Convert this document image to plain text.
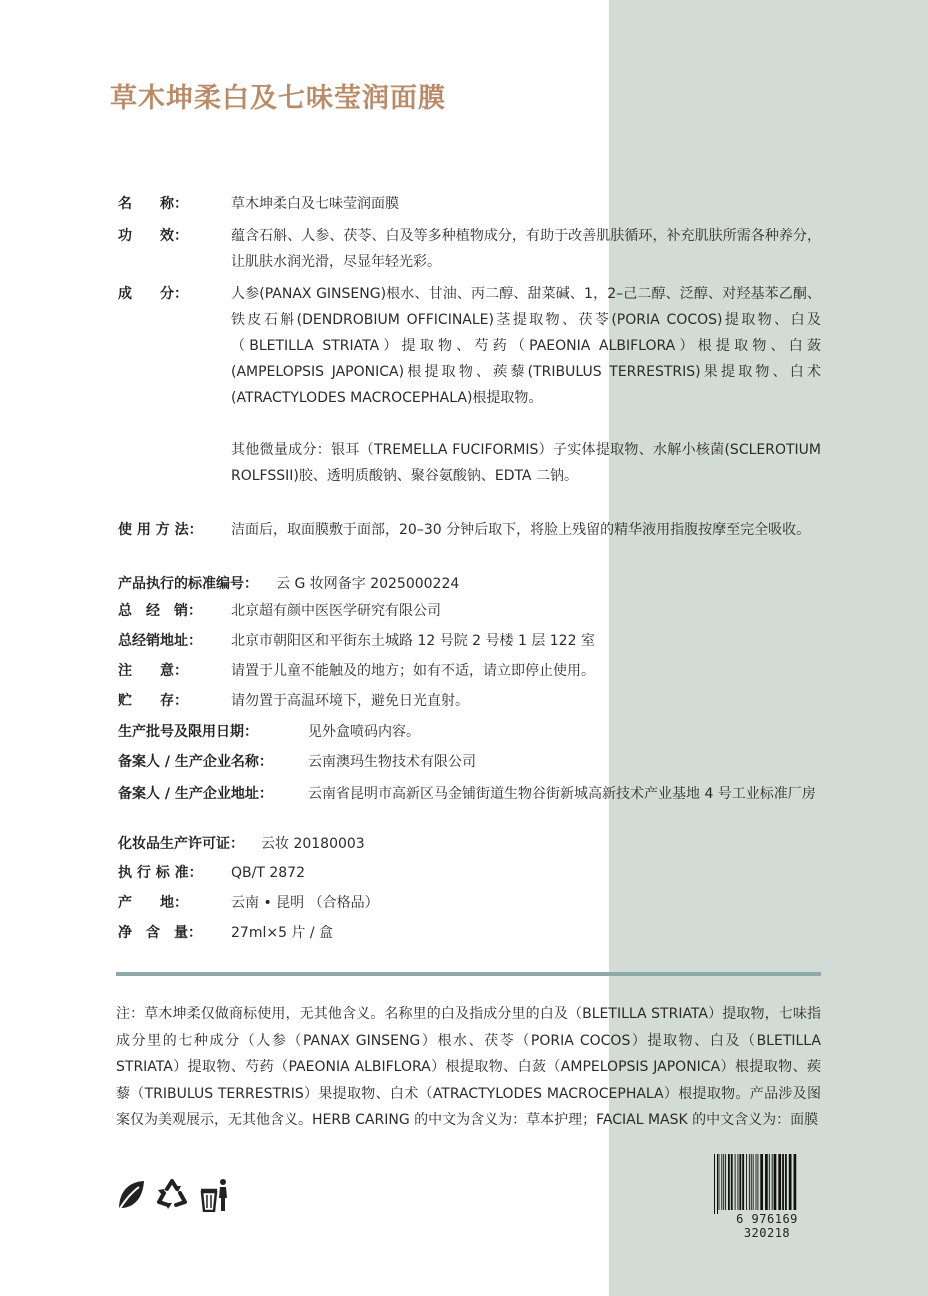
草木坤柔白及七味莹润面膜
名　　称：	草木坤柔白及七味莹润面膜
功　　效：	蕴含石斛、人参、茯苓、白及等多种植物成分，有助于改善肌肤循环，补充肌肤所需各种养分，让肌肤水润光滑，尽显年轻光彩。
成　　分：	人参(PANAX GINSENG)根水、甘油、丙二醇、甜菜碱、1，2–己二醇、泛醇、对羟基苯乙酮、铁皮石斛(DENDROBIUM OFFICINALE)茎提取物、茯苓(PORIA COCOS)提取物、白及（BLETILLA STRIATA）提取物、芍药（PAEONIA ALBIFLORA）根提取物、白蔹(AMPELOPSIS JAPONICA)根提取物、蒺藜(TRIBULUS TERRESTRIS)果提取物、白术(ATRACTYLODES MACROCEPHALA)根提取物。

其他微量成分：银耳（TREMELLA FUCIFORMIS）子实体提取物、水解小核菌(SCLEROTIUM ROLFSSII)胶、透明质酸钠、聚谷氨酸钠、EDTA 二钠。

使 用 方 法： 洁面后，取面膜敷于面部，20–30 分钟后取下，将脸上残留的精华液用指腹按摩至完全吸收。
产品执行的标准编号： 云 G 妆网备字 2025000224
总　经　销： 北京超有颜中医医学研究有限公司
总经销地址： 北京市朝阳区和平街东土城路 12 号院 2 号楼 1 层 122 室
注　　意：	请置于儿童不能触及的地方；如有不适，请立即停止使用。
贮　　存：	请勿置于高温环境下，避免日光直射。
生产批号及限用日期：	见外盒喷码内容。
备案人 / 生产企业名称：	云南澳玛生物技术有限公司
备案人 / 生产企业地址：	云南省昆明市高新区马金铺街道生物谷街新城高新技术产业基地 4 号工业标准厂房
化妆品生产许可证： 云妆 20180003
执 行 标 准： QB/T 2872
产　　地：	云南 • 昆明 （合格品）
净　含　量： 27ml×5 片 / 盒

注：草木坤柔仅做商标使用，无其他含义。名称里的白及指成分里的白及（BLETILLA STRIATA）提取物，七味指成分里的七种成分（人参（PANAX GINSENG）根水、茯苓（PORIA COCOS）提取物、白及（BLETILLA STRIATA）提取物、芍药（PAEONIA ALBIFLORA）根提取物、白蔹（AMPELOPSIS JAPONICA）根提取物、蒺藜（TRIBULUS TERRESTRIS）果提取物、白术（ATRACTYLODES MACROCEPHALA）根提取物。产品涉及图案仅为美观展示，无其他含义。HERB CARING 的中文为含义为：草本护理；FACIAL MASK 的中文含义为：面膜

6 976169 320218
